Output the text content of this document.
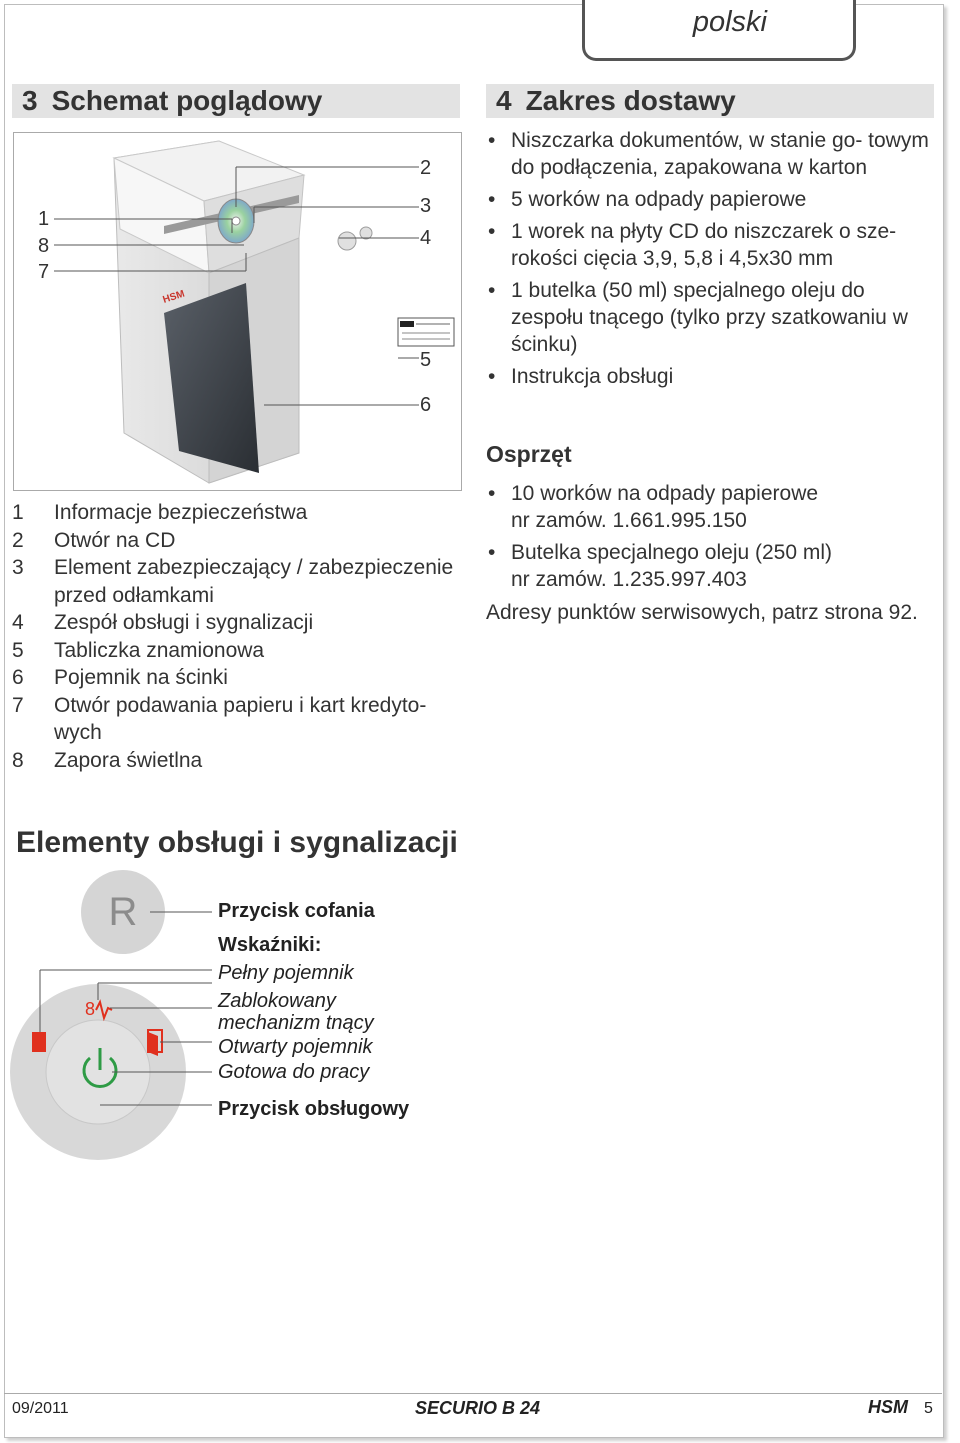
polski
3 Schemat poglądowy
HSM
1
8
7
2
3
4
5
6
1 Informacje bezpieczeństwa
2 Otwór na CD
3 Element zabezpieczający / zabezpieczenie przed odłamkami
4 Zespół obsługi i sygnalizacji
5 Tabliczka znamionowa
6 Pojemnik na ścinki
7 Otwór podawania papieru i kart kredyto- wych
8 Zapora świetlna
4 Zakres dostawy
• Niszczarka dokumentów, w stanie go- towym do podłączenia, zapakowana w karton
• 5 worków na odpady papierowe
• 1 worek na płyty CD do niszczarek o sze- rokości cięcia 3,9, 5,8 i 4,5x30 mm
• 1 butelka (50 ml) specjalnego oleju do zespołu tnącego (tylko przy szatkowaniu w ścinku)
• Instrukcja obsługi
Osprzęt
• 10 worków na odpady papierowe
nr zamów. 1.661.995.150
• Butelka specjalnego oleju (250 ml)
nr zamów. 1.235.997.403
Adresy punktów serwisowych, patrz strona 92.
Elementy obsługi i sygnalizacji
R
8
Przycisk cofania
Wskaźniki:
Pełny pojemnik
Zablokowany mechanizm tnący
Otwarty pojemnik
Gotowa do pracy
Przycisk obsługowy
09/2011	SECURIO B 24	HSM 5
